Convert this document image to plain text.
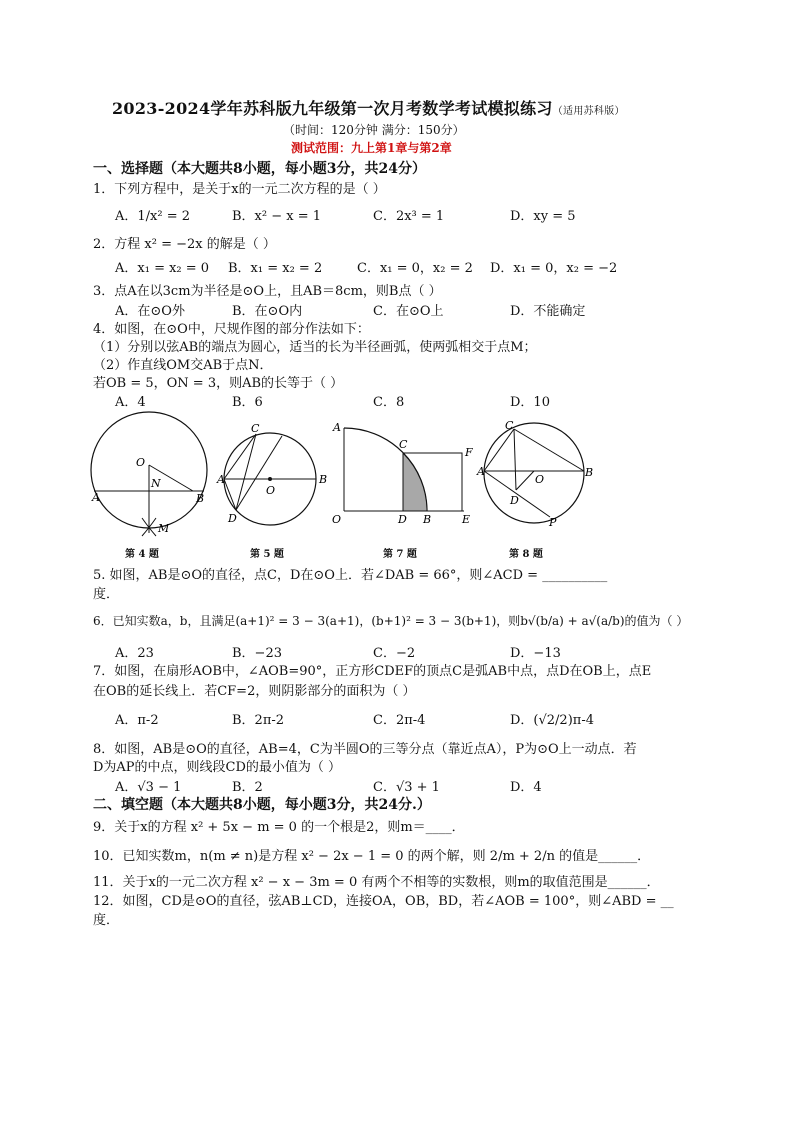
2023-2024学年苏科版九年级第一次月考数学考试模拟练习（适用苏科版）
（时间：120分钟 满分：150分）
测试范围：九上第1章与第2章
一、选择题（本大题共8小题，每小题3分，共24分）
1．下列方程中，是关于x的一元二次方程的是（ ）
A．1/x² = 2	B．x² − x = 1	C．2x³ = 1	D．xy = 5
2．方程 x² = −2x 的解是（ ）
A．x₁ = x₂ = 0 B．x₁ = x₂ = 2	C．x₁ = 0，x₂ = 2 D．x₁ = 0，x₂ = −2
3．点A在以3cm为半径是⊙O上，且AB＝8cm，则B点（ ）
A．在⊙O外	B．在⊙O内	C．在⊙O上	D．不能确定
4．如图，在⊙O中，尺规作图的部分作法如下：
（1）分别以弦AB的端点为圆心，适当的长为半径画弧，使两弧相交于点M；
（2）作直线OM交AB于点N．
若OB = 5，ON = 3，则AB的长等于（ ）
A．4	B．6	C．8	D．10
O
N
A	B
M
C
A
O
B
D
A
C
F
O	D B	E
C
A
O
B
D
P
第 4 题	第 5 题	第 7 题	第 8 题
5. 如图，AB是⊙O的直径，点C，D在⊙O上．若∠DAB = 66°，则∠ACD = __________
度．
6．已知实数a，b，且满足(a+1)² = 3 − 3(a+1)，(b+1)² = 3 − 3(b+1)，则b√(b/a) + a√(a/b)的值为（ ）
A．23	B．−23	C．−2	D．−13
7．如图，在扇形AOB中，∠AOB=90°，正方形CDEF的顶点C是弧AB中点，点D在OB上，点E
在OB的延长线上．若CF=2，则阴影部分的面积为（ ）
A．π-2	B．2π-2	C．2π-4	D．(√2/2)π-4
8．如图，AB是⊙O的直径，AB=4，C为半圆O的三等分点（靠近点A），P为⊙O上一动点．若
D为AP的中点，则线段CD的最小值为（ ）
A．√3 − 1	B．2	C．√3 + 1	D．4
二、填空题（本大题共8小题，每小题3分，共24分.）
9．关于x的方程 x² + 5x − m = 0 的一个根是2，则m＝____．
10．已知实数m，n(m ≠ n)是方程 x² − 2x − 1 = 0 的两个解，则 2/m + 2/n 的值是______．
11．关于x的一元二次方程 x² − x − 3m = 0 有两个不相等的实数根，则m的取值范围是______．
12．如图，CD是⊙O的直径，弦AB⊥CD，连接OA，OB，BD，若∠AOB = 100°，则∠ABD = __
度．
